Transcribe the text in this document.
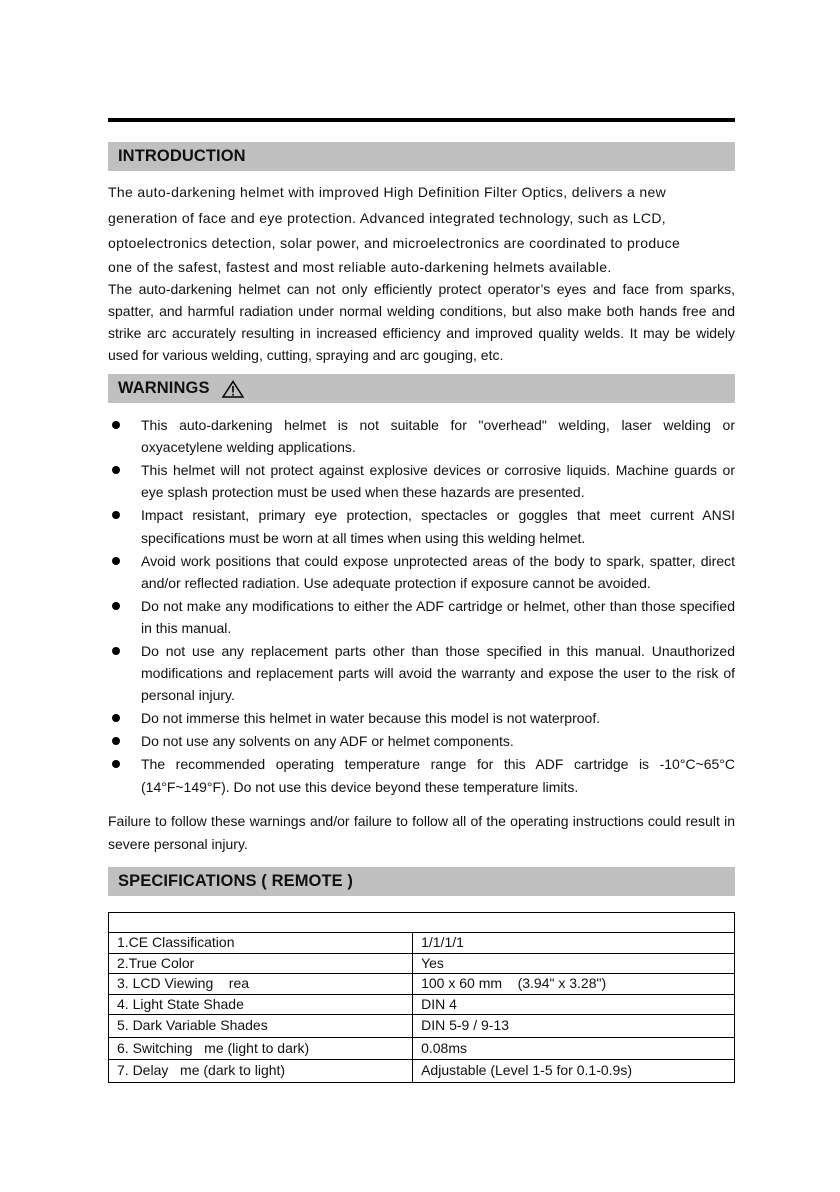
INTRODUCTION
The auto-darkening helmet with improved High Definition Filter Optics, delivers a new
generation of face and eye protection. Advanced integrated technology, such as LCD,
optoelectronics detection, solar power, and microelectronics are coordinated to produce
one of the safest, fastest and most reliable auto-darkening helmets available.
The auto-darkening helmet can not only efficiently protect operator’s eyes and face from sparks, spatter, and harmful radiation under normal welding conditions, but also make both hands free and strike arc accurately resulting in increased efficiency and improved quality welds. It may be widely used for various welding, cutting, spraying and arc gouging, etc.
WARNINGS
This auto-darkening helmet is not suitable for "overhead" welding, laser welding or oxyacetylene welding applications.
This helmet will not protect against explosive devices or corrosive liquids. Machine guards or eye splash protection must be used when these hazards are presented.
Impact resistant, primary eye protection, spectacles or goggles that meet current ANSI specifications must be worn at all times when using this welding helmet.
Avoid work positions that could expose unprotected areas of the body to spark, spatter, direct and/or reflected radiation. Use adequate protection if exposure cannot be avoided.
Do not make any modifications to either the ADF cartridge or helmet, other than those specified in this manual.
Do not use any replacement parts other than those specified in this manual. Unauthorized modifications and replacement parts will avoid the warranty and expose the user to the risk of personal injury.
Do not immerse this helmet in water because this model is not waterproof.
Do not use any solvents on any ADF or helmet components.
The recommended operating temperature range for this ADF cartridge is -10°C~65°C (14°F~149°F). Do not use this device beyond these temperature limits.
Failure to follow these warnings and/or failure to follow all of the operating instructions could result in severe personal injury.
SPECIFICATIONS ( REMOTE )

1.CE Classification	1/1/1/1
2.True Color	Yes
3. LCD Viewing    rea	100 x 60 mm    (3.94" x 3.28")
4. Light State Shade	DIN 4
5. Dark Variable Shades	DIN 5-9 / 9-13
6. Switching   me (light to dark)	0.08ms
7. Delay   me (dark to light)	Adjustable (Level 1-5 for 0.1-0.9s)
